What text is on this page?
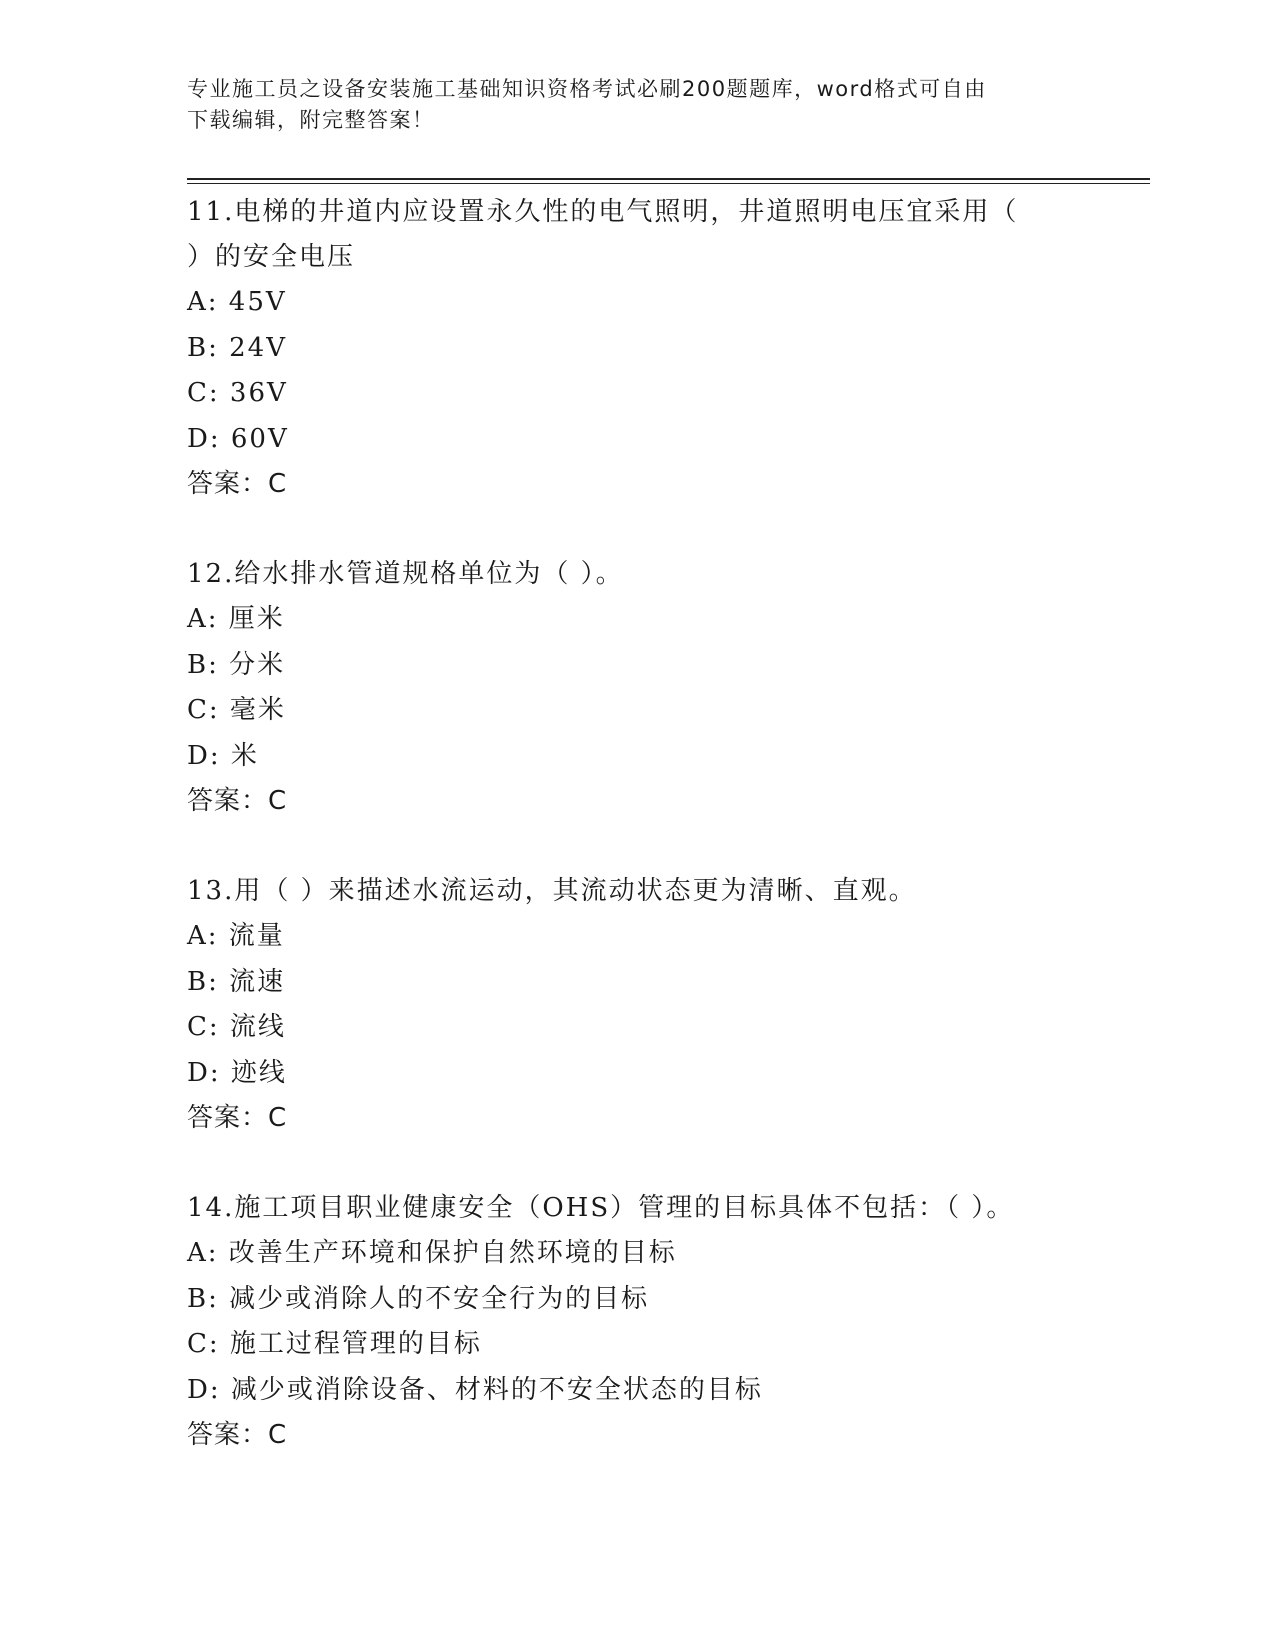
专业施工员之设备安装施工基础知识资格考试必刷200题题库，word格式可自由
下载编辑，附完整答案！
11.电梯的井道内应设置永久性的电气照明，井道照明电压宜采用（
）的安全电压
A: 45V
B: 24V
C: 36V
D: 60V
答案：C
12.给水排水管道规格单位为（ ）。
A: 厘米
B: 分米
C: 毫米
D: 米
答案：C
13.用（ ）来描述水流运动，其流动状态更为清晰、直观。
A: 流量
B: 流速
C: 流线
D: 迹线
答案：C
14.施工项目职业健康安全（OHS）管理的目标具体不包括：（ ）。
A: 改善生产环境和保护自然环境的目标
B: 减少或消除人的不安全行为的目标
C: 施工过程管理的目标
D: 减少或消除设备、材料的不安全状态的目标
答案：C
